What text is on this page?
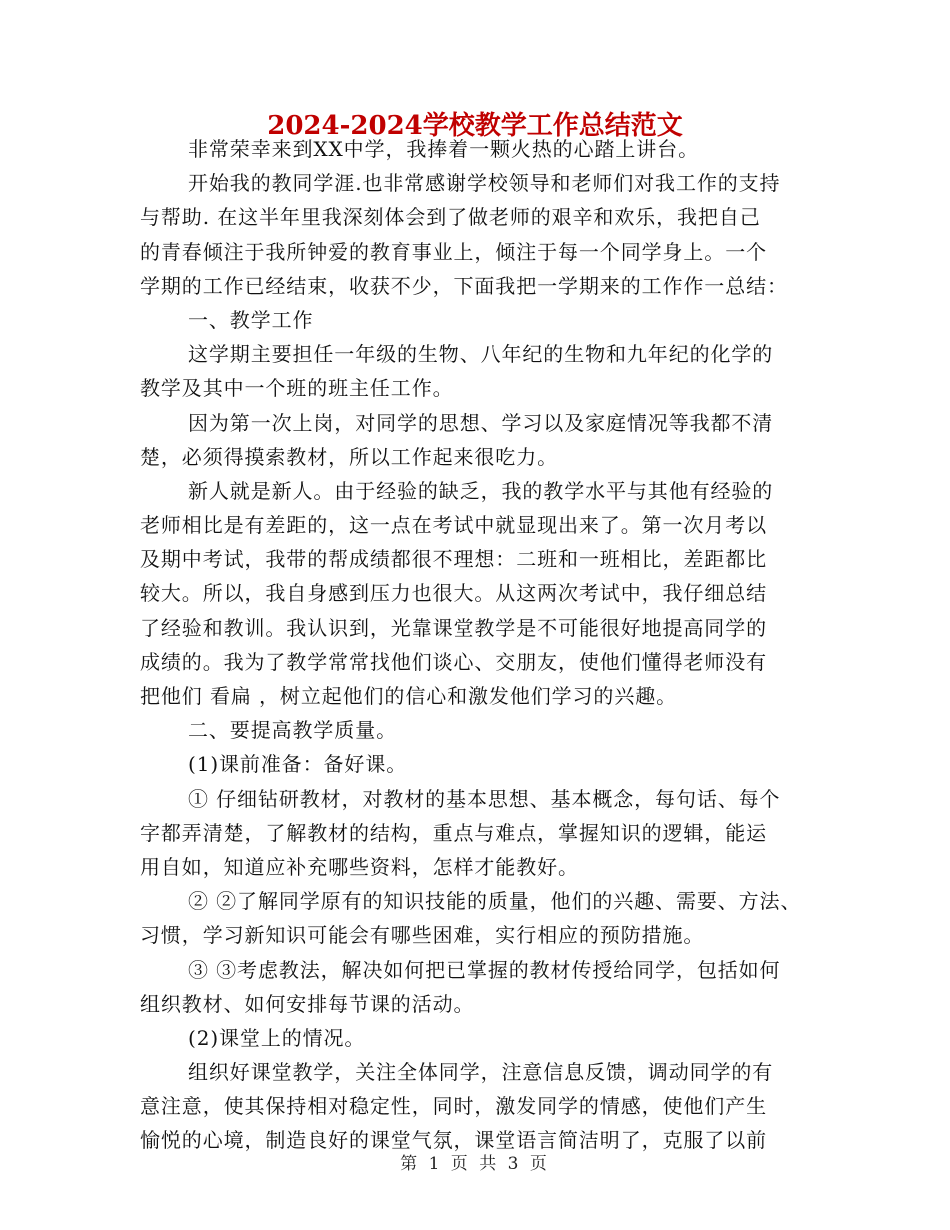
2024-2024学校教学工作总结范文

非常荣幸来到XX中学，我捧着一颗火热的心踏上讲台。

开始我的教同学涯.也非常感谢学校领导和老师们对我工作的支持

与帮助. 在这半年里我深刻体会到了做老师的艰辛和欢乐，我把自己

的青春倾注于我所钟爱的教育事业上，倾注于每一个同学身上。一个

学期的工作已经结束，收获不少，下面我把一学期来的工作作一总结：

一、教学工作

这学期主要担任一年级的生物、八年纪的生物和九年纪的化学的

教学及其中一个班的班主任工作。

因为第一次上岗，对同学的思想、学习以及家庭情况等我都不清

楚，必须得摸索教材，所以工作起来很吃力。

新人就是新人。由于经验的缺乏，我的教学水平与其他有经验的

老师相比是有差距的，这一点在考试中就显现出来了。第一次月考以

及期中考试，我带的帮成绩都很不理想：二班和一班相比，差距都比

较大。所以，我自身感到压力也很大。从这两次考试中，我仔细总结

了经验和教训。我认识到，光靠课堂教学是不可能很好地提高同学的

成绩的。我为了教学常常找他们谈心、交朋友，使他们懂得老师没有

把他们 看扁 ，树立起他们的信心和激发他们学习的兴趣。

二、要提高教学质量。

(1)课前准备：备好课。

① 仔细钻研教材，对教材的基本思想、基本概念，每句话、每个

字都弄清楚，了解教材的结构，重点与难点，掌握知识的逻辑，能运

用自如，知道应补充哪些资料，怎样才能教好。

② ②了解同学原有的知识技能的质量，他们的兴趣、需要、方法、

习惯，学习新知识可能会有哪些困难，实行相应的预防措施。

③ ③考虑教法，解决如何把已掌握的教材传授给同学，包括如何

组织教材、如何安排每节课的活动。

(2)课堂上的情况。

组织好课堂教学，关注全体同学，注意信息反馈，调动同学的有

意注意，使其保持相对稳定性，同时，激发同学的情感，使他们产生

愉悦的心境，制造良好的课堂气氛，课堂语言简洁明了，克服了以前

第 1 页 共 3 页
